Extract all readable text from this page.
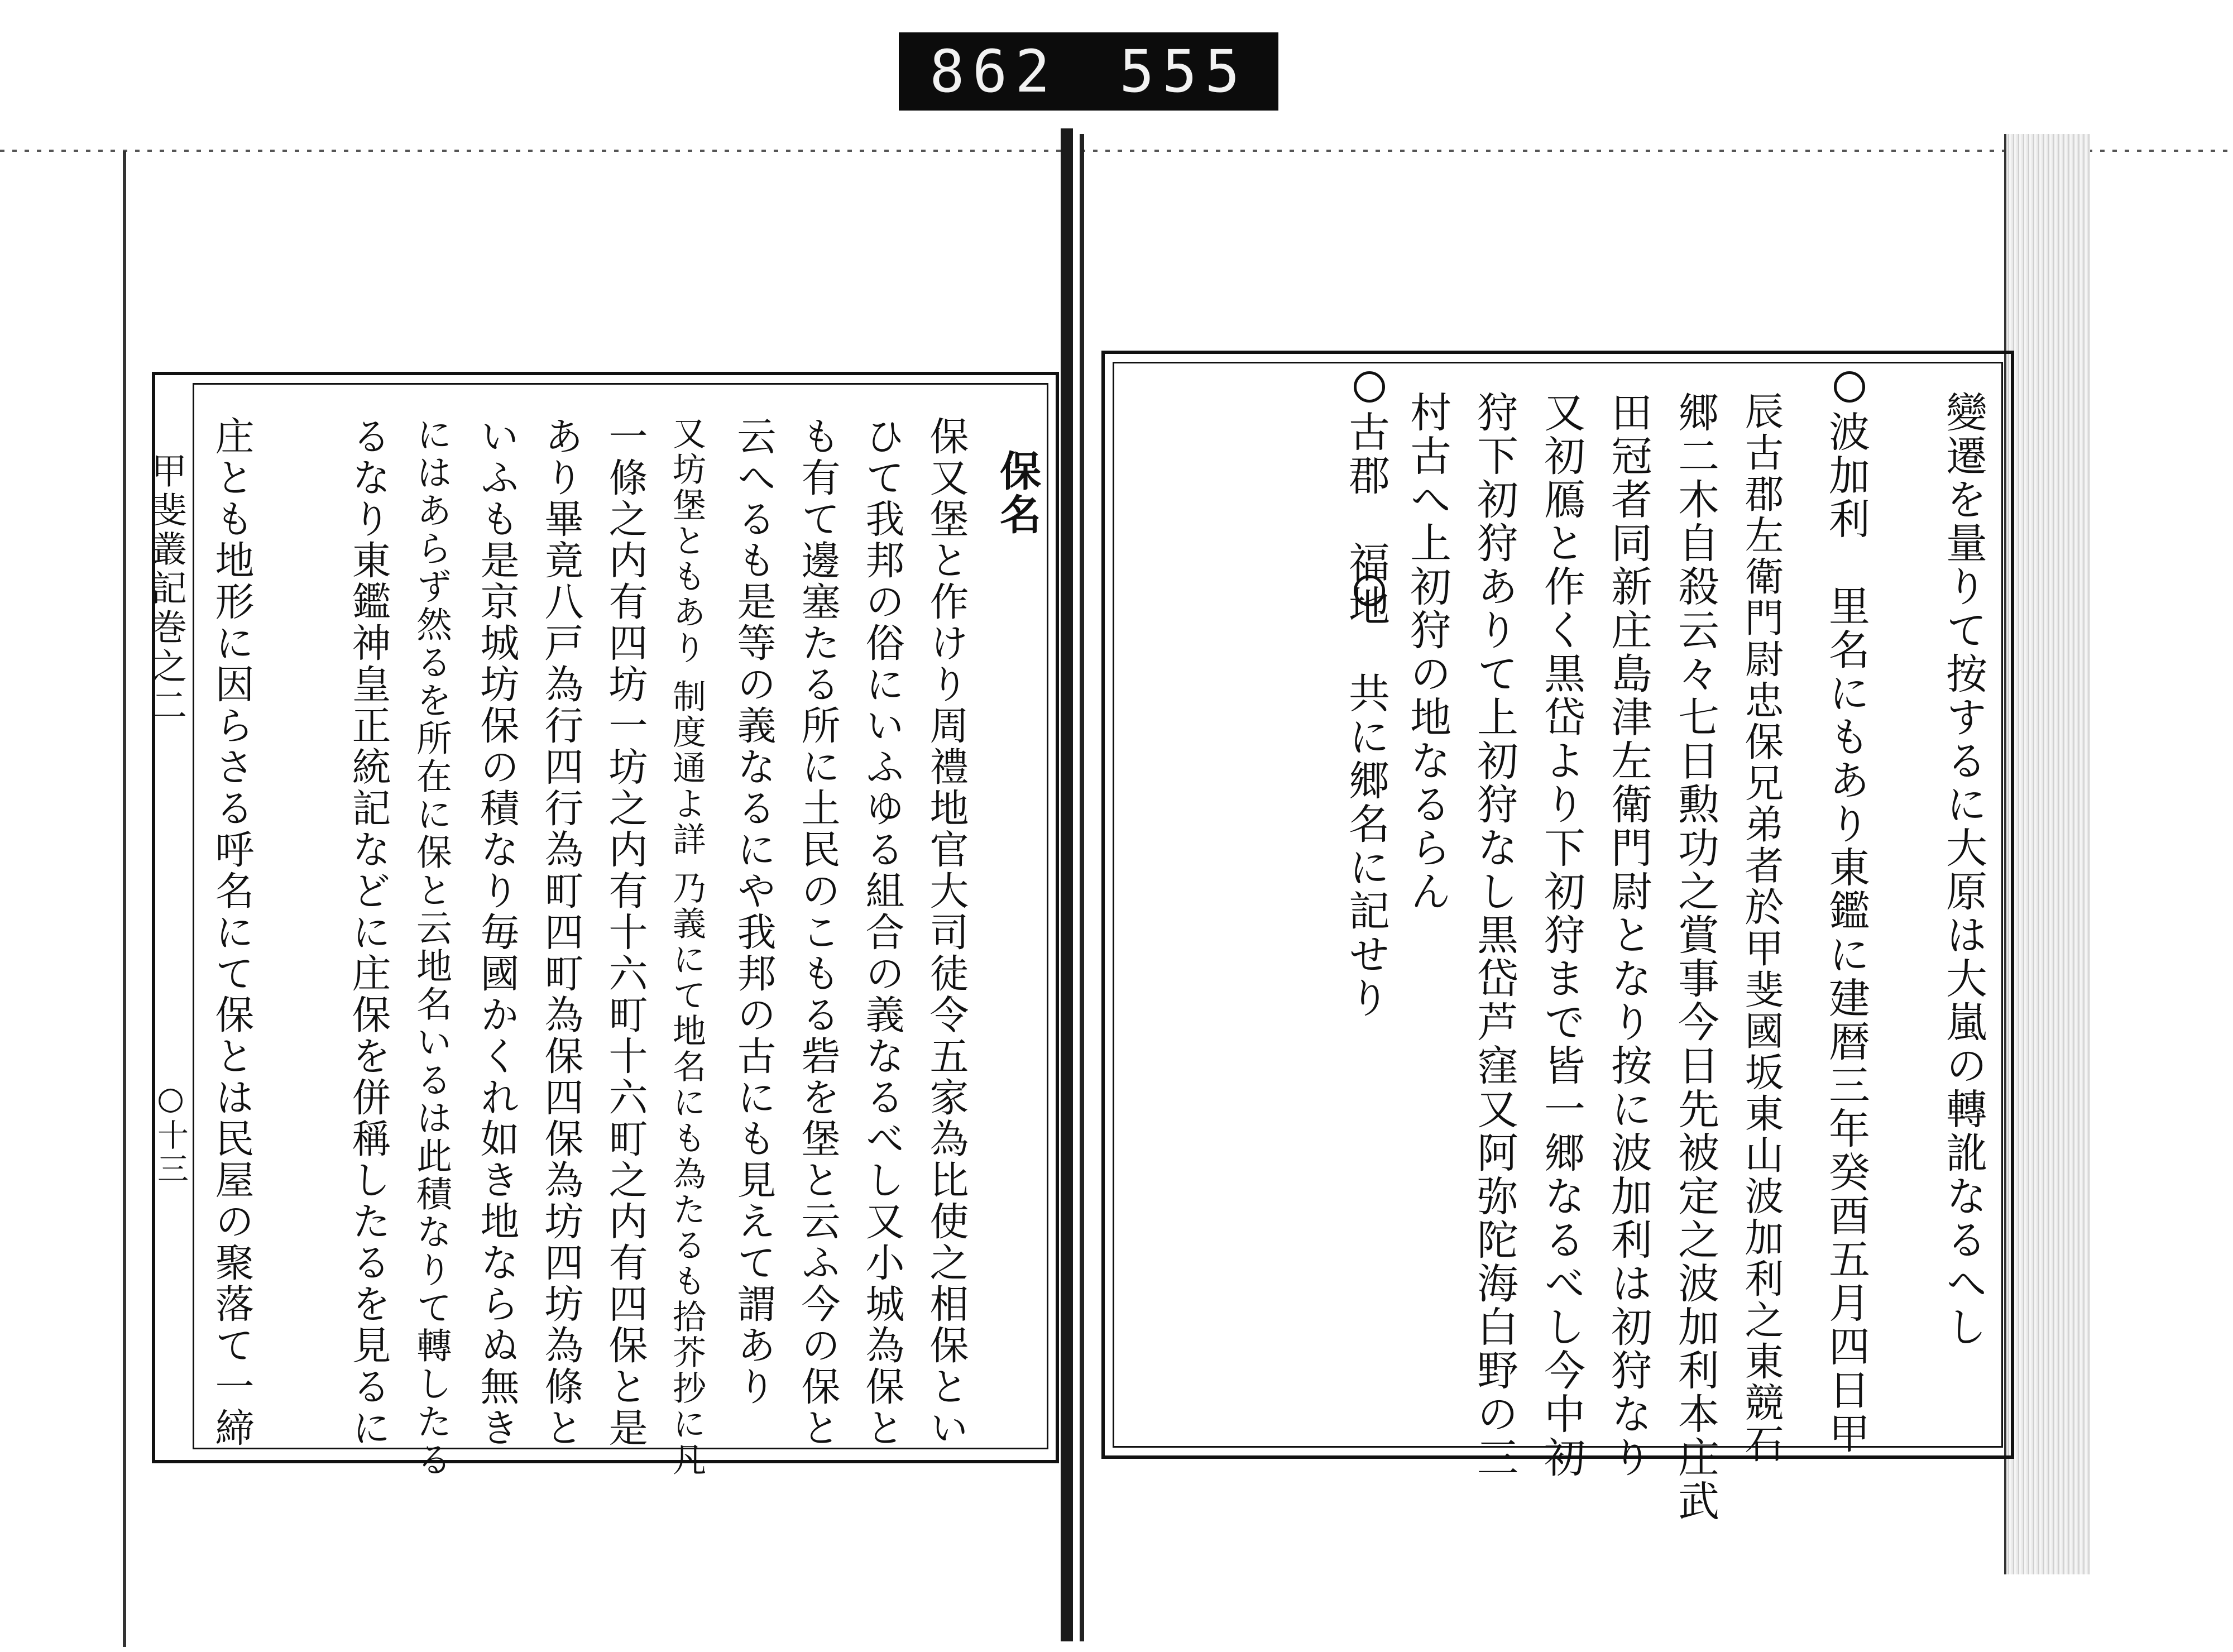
862 555
甲斐叢記巻之二
○十三
保名
保又堡と作けり周禮地官大司徒令五家為比使之相保とい
ひて我邦の俗にいふゆる組合の義なるべし又小城為保と
も有て邊塞たる所に土民のこもる砦を堡と云ふ今の保と
云へるも是等の義なるにや我邦の古にも見えて謂あり
又坊堡ともあり 制度通よ詳 乃義にて地名にも為たるも拾芥抄に凡
一條之内有四坊一坊之内有十六町十六町之内有四保と是
あり畢竟八戸為行四行為町四町為保四保為坊四坊為條と
いふも是京城坊保の積なり毎國かくれ如き地ならぬ無き
にはあらず然るを所在に保と云地名いるは此積なりて轉したる
るなり東鑑神皇正統記などに庄保を併稱したるを見るに
庄とも地形に因らさる呼名にて保とは民屋の聚落て一締	變遷を量りて按するに大原は大嵐の轉訛なるへし
波加利　里名にもあり東鑑に建暦三年癸酉五月四日甲
辰古郡左衛門尉忠保兄弟者於甲斐國坂東山波加利之東競石
郷二木自殺云々七日勲功之賞事今日先被定之波加利本庄武
田冠者同新庄島津左衛門尉となり按に波加利は初狩なり
又初鴈と作く黒岱より下初狩まで皆一郷なるべし今中初
狩下初狩ありて上初狩なし黒岱芦窪又阿弥陀海白野の三
村古へ上初狩の地なるらん
古郡　福地　共に郷名に記せり
